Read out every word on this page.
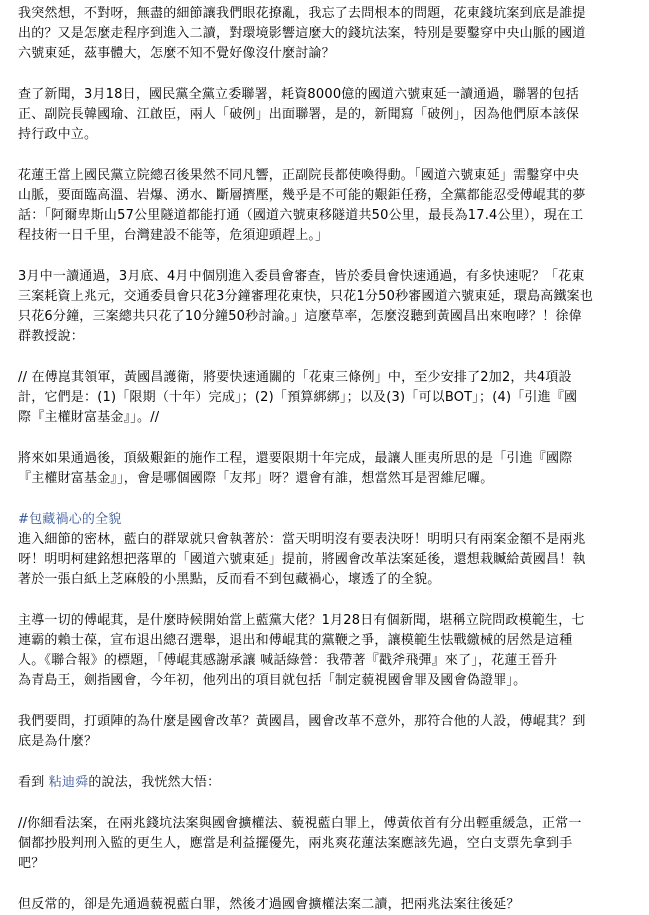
我突然想，不對呀，無盡的細節讓我們眼花撩亂，我忘了去問根本的問題，花東錢坑案到底是誰提
出的？又是怎麼走程序到進入二讀，對環境影響這麼大的錢坑法案，特別是要鑿穿中央山脈的國道
六號東延，茲事體大，怎麼不知不覺好像沒什麼討論？
查了新聞，3月18日，國民黨全黨立委聯署，耗資8000億的國道六號東延一讀通過，聯署的包括
正、副院長韓國瑜、江啟臣，兩人「破例」出面聯署，是的，新聞寫「破例」，因為他們原本該保
持行政中立。
花蓮王當上國民黨立院總召後果然不同凡響，正副院長都使喚得動。「國道六號東延」需鑿穿中央
山脈，要面臨高溫、岩爆、湧水、斷層擠壓，幾乎是不可能的艱鉅任務，全黨都能忍受傅崐萁的夢
話：「阿爾卑斯山57公里隧道都能打通（國道六號東移隧道共50公里，最長為17.4公里），現在工
程技術一日千里，台灣建設不能等，危須迎頭趕上。」
3月中一讀通過，3月底、4月中個別進入委員會審查，皆於委員會快速通過，有多快速呢？「花東
三案耗資上兆元，交通委員會只花3分鐘審理花東快，只花1分50秒審國道六號東延，環島高鐵案也
只花6分鐘，三案總共只花了10分鐘50秒討論。」這麼草率，怎麼沒聽到黃國昌出來咆哮？！徐偉
群教授說：
// 在傅崑萁領軍，黃國昌護衛，將要快速通關的「花東三條例」中，至少安排了2加2，共4項設
計，它們是：(1)「限期（十年）完成」；(2)「預算綁綁」；以及(3)「可以BOT」；(4)「引進『國
際『主權財富基金』」。//
將來如果通過後，頂級艱鉅的施作工程，還要限期十年完成，最讓人匪夷所思的是「引進『國際
『主權財富基金』」，會是哪個國際「友邦」呀？還會有誰，想當然耳是習維尼囉。
#包藏禍心的全貌
進入細節的密林，藍白的群眾就只會執著於：當天明明沒有要表決呀！明明只有兩案金額不是兩兆
呀！明明柯建銘想把落單的「國道六號東延」提前，將國會改革法案延後，還想栽贓給黃國昌！執
著於一張白紙上芝麻般的小黑點，反而看不到包藏禍心，壞透了的全貌。
主導一切的傅崐萁，是什麼時候開始當上藍黨大佬？1月28日有個新聞，堪稱立院問政模範生，七
連霸的賴士葆，宣布退出總召選舉，退出和傅崐萁的黨鞭之爭，讓模範生怯戰繳械的居然是這種
人。《聯合報》的標題，「傅崐萁感謝承讓 喊話綠營：我帶著『戳斧飛彈』來了」，花蓮王晉升
為青島王，劍指國會，今年初，他列出的項目就包括「制定藐視國會罪及國會偽證罪」。
我們要問，打頭陣的為什麼是國會改革？黃國昌，國會改革不意外，那符合他的人設，傅崐萁？到
底是為什麼？
看到 粘迪舜的說法，我恍然大悟：
//你細看法案，在兩兆錢坑法案與國會擴權法、藐視藍白罪上，傅黃依首有分出輕重緩急，正常一
個都抄股判刑入監的更生人，應當是利益擺優先，兩兆爽花蓮法案應該先過，空白支票先拿到手
吧？
但反常的，卻是先通過藐視藍白罪，然後才過國會擴權法案二讀，把兩兆法案往後延？
